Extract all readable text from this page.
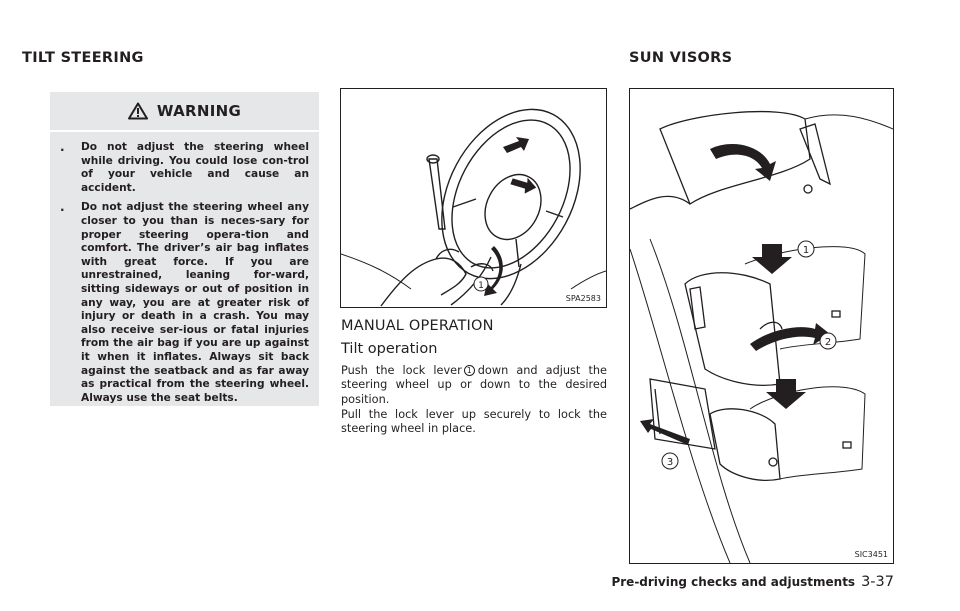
TILT STEERING	SUN VISORS
WARNING
.	Do not adjust the steering wheel while driving. You could lose con-trol of your vehicle and cause an accident.
.	Do not adjust the steering wheel any closer to you than is neces-sary for proper steering opera-tion and comfort. The driver’s air bag inflates with great force. If you are unrestrained, leaning for-ward, sitting sideways or out of position in any way, you are at greater risk of injury or death in a crash. You may also receive ser-ious or fatal injuries from the air bag if you are up against it when it inflates. Always sit back against the seatback and as far away as practical from the steering wheel. Always use the seat belts.
1
SPA2583
MANUAL OPERATION
Tilt operation

Push the lock lever 1 down and adjust the steering wheel up or down to the desired position.

Pull the lock lever up securely to lock the steering wheel in place.

1
2
3
SIC3451
Pre-driving checks and adjustments 3-37
